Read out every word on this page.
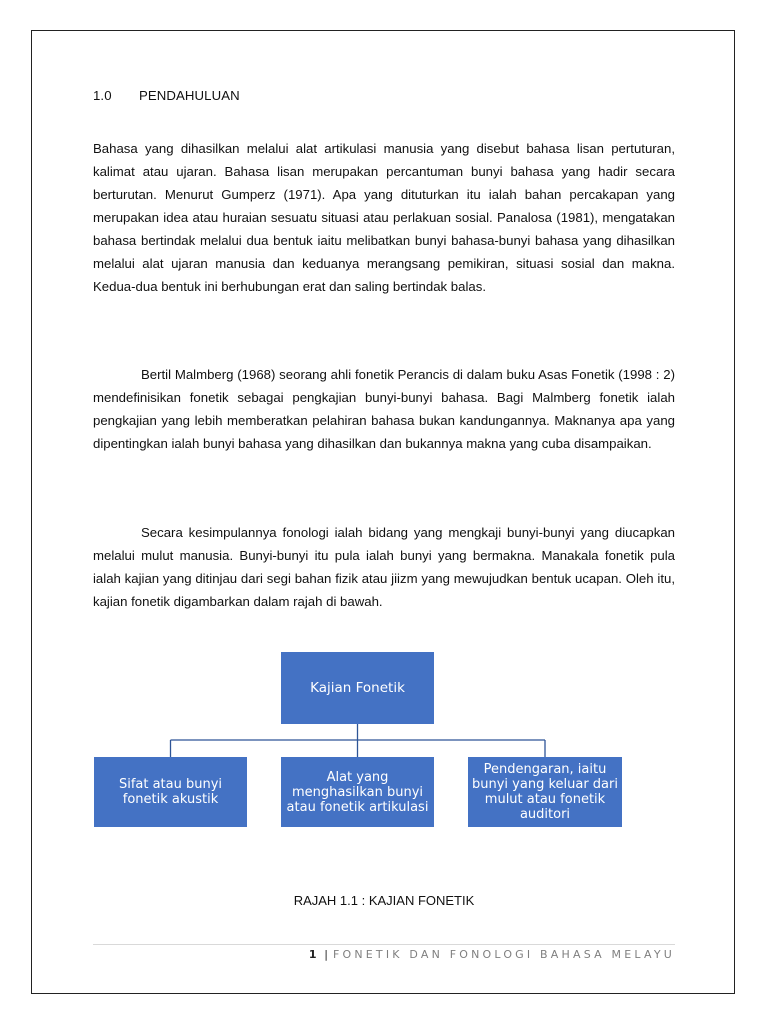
1.0 PENDAHULUAN

Bahasa yang dihasilkan melalui alat artikulasi manusia yang disebut bahasa lisan pertuturan, kalimat atau ujaran. Bahasa lisan merupakan percantuman bunyi bahasa yang hadir secara berturutan. Menurut Gumperz (1971). Apa yang dituturkan itu ialah bahan percakapan yang merupakan idea atau huraian sesuatu situasi atau perlakuan sosial. Panalosa (1981), mengatakan bahasa bertindak melalui dua bentuk iaitu melibatkan bunyi bahasa-bunyi bahasa yang dihasilkan melalui alat ujaran manusia dan keduanya merangsang pemikiran, situasi sosial dan makna. Kedua-dua bentuk ini berhubungan erat dan saling bertindak balas.

Bertil Malmberg (1968) seorang ahli fonetik Perancis di dalam buku Asas Fonetik (1998 : 2) mendefinisikan fonetik sebagai pengkajian bunyi-bunyi bahasa. Bagi Malmberg fonetik ialah pengkajian yang lebih memberatkan pelahiran bahasa bukan kandungannya. Maknanya apa yang dipentingkan ialah bunyi bahasa yang dihasilkan dan bukannya makna yang cuba disampaikan.

Secara kesimpulannya fonologi ialah bidang yang mengkaji bunyi-bunyi yang diucapkan melalui mulut manusia. Bunyi-bunyi itu pula ialah bunyi yang bermakna. Manakala fonetik pula ialah kajian yang ditinjau dari segi bahan fizik atau jiizm yang mewujudkan bentuk ucapan. Oleh itu, kajian fonetik digambarkan dalam rajah di bawah.

Kajian Fonetik
Sifat atau bunyi fonetik akustik
Alat yang menghasilkan bunyi atau fonetik artikulasi
Pendengaran, iaitu bunyi yang keluar dari mulut atau fonetik auditori
RAJAH 1.1 : KAJIAN FONETIK
1 | FONETIK DAN FONOLOGI BAHASA MELAYU
